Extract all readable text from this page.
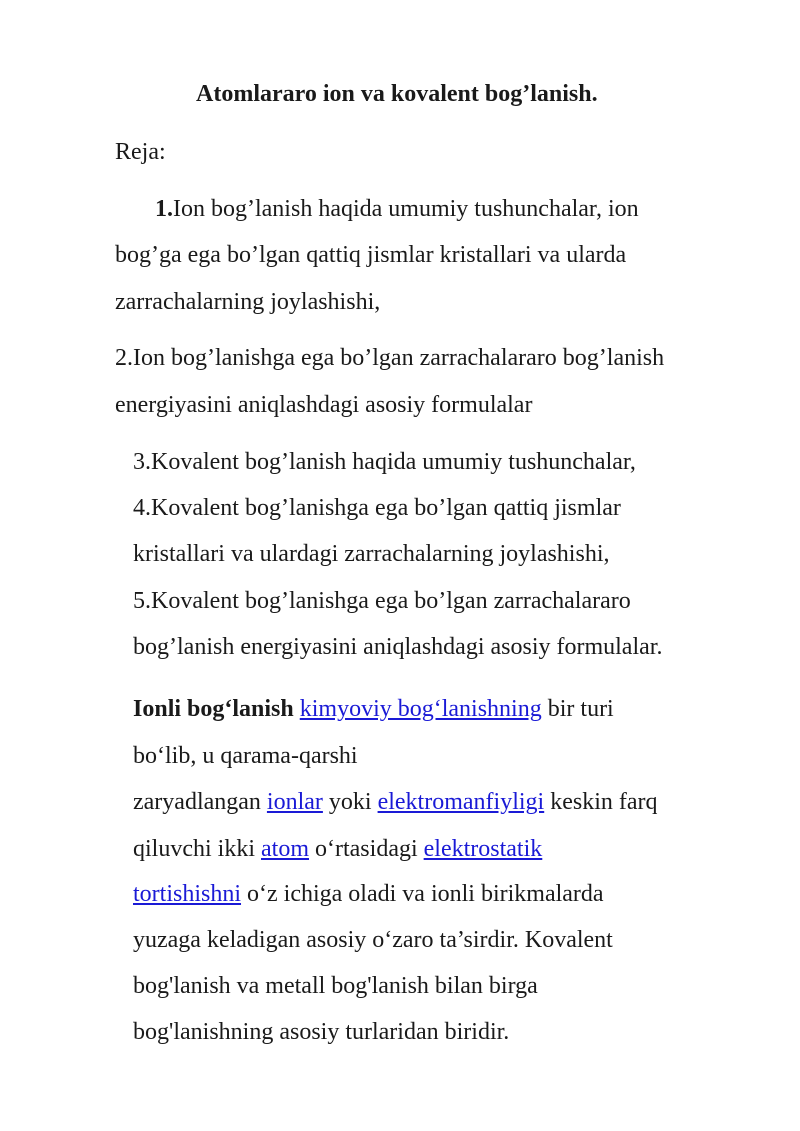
Atomlararo ion va kovalent bog’lanish.

Reja:

1.Ion bog’lanish haqida umumiy tushunchalar, ion

bog’ga ega bo’lgan qattiq jismlar kristallari va ularda

zarrachalarning joylashishi,

2.Ion bog’lanishga ega bo’lgan zarrachalararo bog’lanish

energiyasini aniqlashdagi asosiy formulalar

3.Kovalent bog’lanish haqida umumiy tushunchalar,

4.Kovalent bog’lanishga ega bo’lgan qattiq jismlar

kristallari va ulardagi zarrachalarning joylashishi,

5.Kovalent bog’lanishga ega bo’lgan zarrachalararo

bog’lanish energiyasini aniqlashdagi asosiy formulalar.

Ionli bog‘lanish kimyoviy bog‘lanishning bir turi

bo‘lib, u qarama-qarshi

zaryadlangan ionlar yoki elektromanfiyligi keskin farq

qiluvchi ikki atom o‘rtasidagi elektrostatik

tortishishni o‘z ichiga oladi va ionli birikmalarda

yuzaga keladigan asosiy o‘zaro ta’sirdir. Kovalent

bog'lanish va metall bog'lanish bilan birga

bog'lanishning asosiy turlaridan biridir.
